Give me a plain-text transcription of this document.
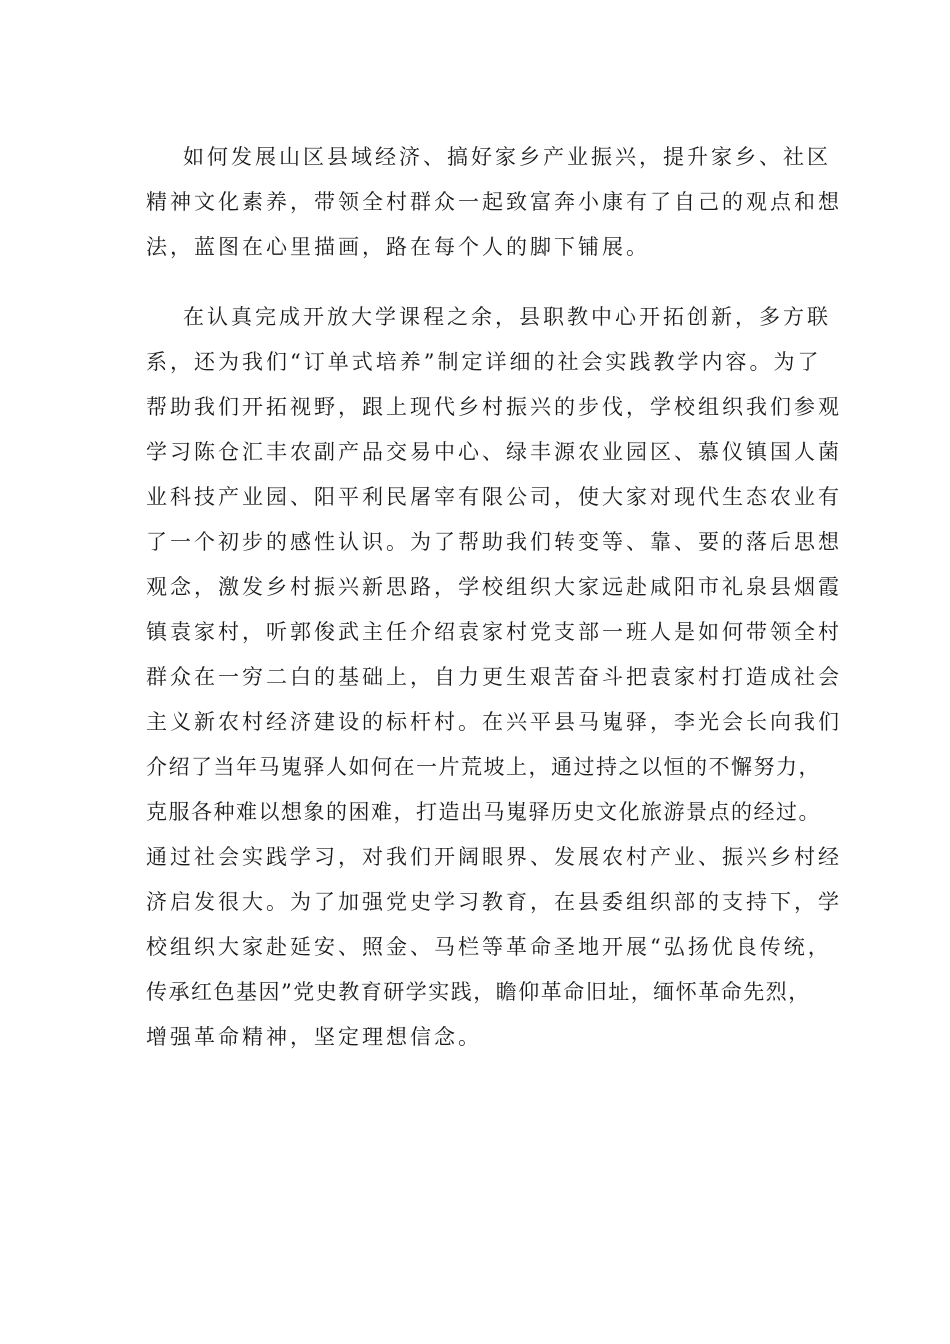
如何发展山区县域经济、搞好家乡产业振兴，提升家乡、社区
精神文化素养，带领全村群众一起致富奔小康有了自己的观点和想
法，蓝图在心里描画，路在每个人的脚下铺展。
在认真完成开放大学课程之余，县职教中心开拓创新，多方联
系，还为我们“订单式培养”制定详细的社会实践教学内容。为了
帮助我们开拓视野，跟上现代乡村振兴的步伐，学校组织我们参观
学习陈仓汇丰农副产品交易中心、绿丰源农业园区、慕仪镇国人菌
业科技产业园、阳平利民屠宰有限公司，使大家对现代生态农业有
了一个初步的感性认识。为了帮助我们转变等、靠、要的落后思想
观念，激发乡村振兴新思路，学校组织大家远赴咸阳市礼泉县烟霞
镇袁家村，听郭俊武主任介绍袁家村党支部一班人是如何带领全村
群众在一穷二白的基础上，自力更生艰苦奋斗把袁家村打造成社会
主义新农村经济建设的标杆村。在兴平县马嵬驿，李光会长向我们
介绍了当年马嵬驿人如何在一片荒坡上，通过持之以恒的不懈努力，
克服各种难以想象的困难，打造出马嵬驿历史文化旅游景点的经过。
通过社会实践学习，对我们开阔眼界、发展农村产业、振兴乡村经
济启发很大。为了加强党史学习教育，在县委组织部的支持下，学
校组织大家赴延安、照金、马栏等革命圣地开展“弘扬优良传统，
传承红色基因”党史教育研学实践，瞻仰革命旧址，缅怀革命先烈，
增强革命精神，坚定理想信念。
